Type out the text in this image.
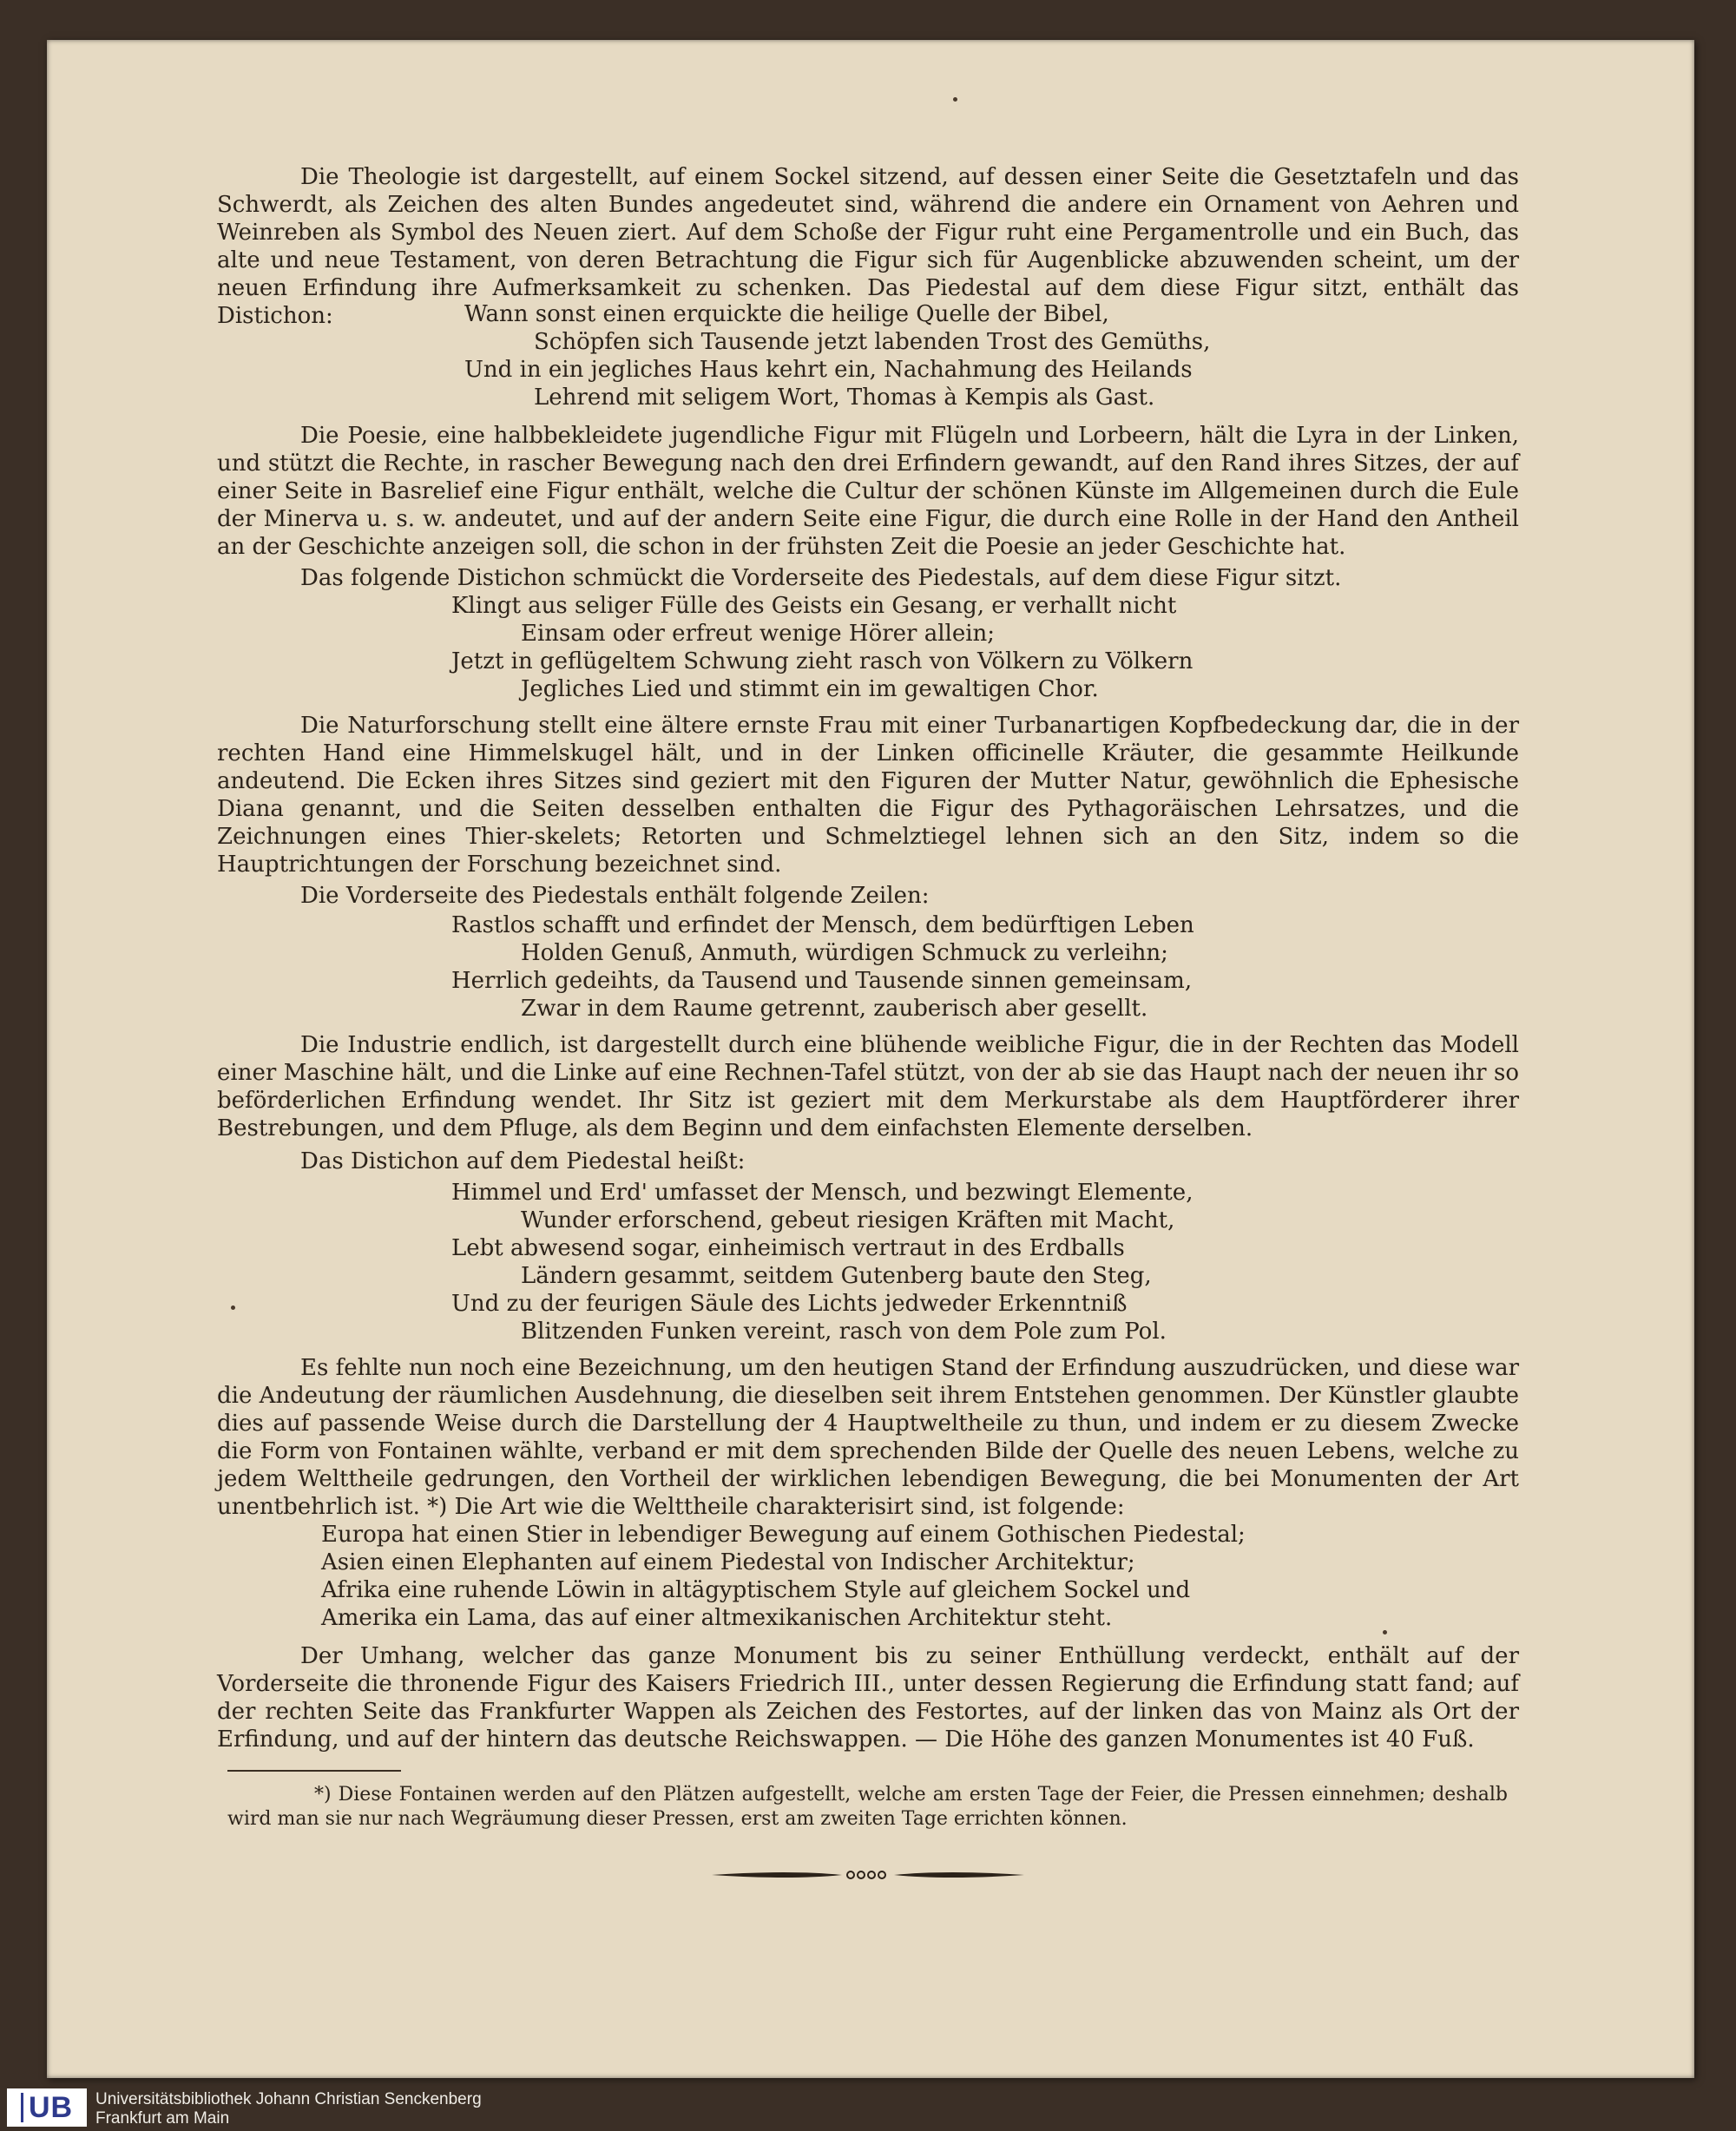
Die Theologie ist dargestellt, auf einem Sockel sitzend, auf dessen einer Seite die Gesetztafeln und das Schwerdt, als Zeichen des alten Bundes angedeutet sind, während die andere ein Ornament von Aehren und Weinreben als Symbol des Neuen ziert. Auf dem Schoße der Figur ruht eine Pergamentrolle und ein Buch, das alte und neue Testament, von deren Betrachtung die Figur sich für Augenblicke abzuwenden scheint, um der neuen Erfindung ihre Aufmerksamkeit zu schenken. Das Piedestal auf dem diese Figur sitzt, enthält das Distichon:	Wann sonst einen erquickte die heilige Quelle der Bibel,
Schöpfen sich Tausende jetzt labenden Trost des Gemüths,
Und in ein jegliches Haus kehrt ein, Nachahmung des Heilands
Lehrend mit seligem Wort, Thomas à Kempis als Gast.

Die Poesie, eine halbbekleidete jugendliche Figur mit Flügeln und Lorbeern, hält die Lyra in der Linken, und stützt die Rechte, in rascher Bewegung nach den drei Erfindern gewandt, auf den Rand ihres Sitzes, der auf einer Seite in Basrelief eine Figur enthält, welche die Cultur der schönen Künste im Allgemeinen durch die Eule der Minerva u. s. w. andeutet, und auf der andern Seite eine Figur, die durch eine Rolle in der Hand den Antheil an der Geschichte anzeigen soll, die schon in der frühsten Zeit die Poesie an jeder Geschichte hat.

Das folgende Distichon schmückt die Vorderseite des Piedestals, auf dem diese Figur sitzt.
Klingt aus seliger Fülle des Geists ein Gesang, er verhallt nicht
Einsam oder erfreut wenige Hörer allein;
Jetzt in geflügeltem Schwung zieht rasch von Völkern zu Völkern
Jegliches Lied und stimmt ein im gewaltigen Chor.

Die Naturforschung stellt eine ältere ernste Frau mit einer Turbanartigen Kopfbedeckung dar, die in der rechten Hand eine Himmelskugel hält, und in der Linken officinelle Kräuter, die gesammte Heilkunde andeutend. Die Ecken ihres Sitzes sind geziert mit den Figuren der Mutter Natur, gewöhnlich die Ephesische Diana genannt, und die Seiten desselben enthalten die Figur des Pythagoräischen Lehrsatzes, und die Zeichnungen eines Thier-skelets; Retorten und Schmelztiegel lehnen sich an den Sitz, indem so die Hauptrichtungen der Forschung bezeichnet sind.

Die Vorderseite des Piedestals enthält folgende Zeilen:
Rastlos schafft und erfindet der Mensch, dem bedürftigen Leben
Holden Genuß, Anmuth, würdigen Schmuck zu verleihn;
Herrlich gedeihts, da Tausend und Tausende sinnen gemeinsam,
Zwar in dem Raume getrennt, zauberisch aber gesellt.

Die Industrie endlich, ist dargestellt durch eine blühende weibliche Figur, die in der Rechten das Modell einer Maschine hält, und die Linke auf eine Rechnen-Tafel stützt, von der ab sie das Haupt nach der neuen ihr so beförderlichen Erfindung wendet. Ihr Sitz ist geziert mit dem Merkurstabe als dem Hauptförderer ihrer Bestrebungen, und dem Pfluge, als dem Beginn und dem einfachsten Elemente derselben.

Das Distichon auf dem Piedestal heißt:
Himmel und Erd' umfasset der Mensch, und bezwingt Elemente,
Wunder erforschend, gebeut riesigen Kräften mit Macht,
Lebt abwesend sogar, einheimisch vertraut in des Erdballs
Ländern gesammt, seitdem Gutenberg baute den Steg,
Und zu der feurigen Säule des Lichts jedweder Erkenntniß
Blitzenden Funken vereint, rasch von dem Pole zum Pol.

Es fehlte nun noch eine Bezeichnung, um den heutigen Stand der Erfindung auszudrücken, und diese war die Andeutung der räumlichen Ausdehnung, die dieselben seit ihrem Entstehen genommen. Der Künstler glaubte dies auf passende Weise durch die Darstellung der 4 Hauptweltheile zu thun, und indem er zu diesem Zwecke die Form von Fontainen wählte, verband er mit dem sprechenden Bilde der Quelle des neuen Lebens, welche zu jedem Welttheile gedrungen, den Vortheil der wirklichen lebendigen Bewegung, die bei Monumenten der Art unentbehrlich ist. *) Die Art wie die Welttheile charakterisirt sind, ist folgende:

Europa hat einen Stier in lebendiger Bewegung auf einem Gothischen Piedestal;
Asien einen Elephanten auf einem Piedestal von Indischer Architektur;
Afrika eine ruhende Löwin in altägyptischem Style auf gleichem Sockel und
Amerika ein Lama, das auf einer altmexikanischen Architektur steht.

Der Umhang, welcher das ganze Monument bis zu seiner Enthüllung verdeckt, enthält auf der Vorderseite die thronende Figur des Kaisers Friedrich III., unter dessen Regierung die Erfindung statt fand; auf der rechten Seite das Frankfurter Wappen als Zeichen des Festortes, auf der linken das von Mainz als Ort der Erfindung, und auf der hintern das deutsche Reichswappen. — Die Höhe des ganzen Monumentes ist 40 Fuß.

*) Diese Fontainen werden auf den Plätzen aufgestellt, welche am ersten Tage der Feier, die Pressen einnehmen; deshalb wird man sie nur nach Wegräumung dieser Pressen, erst am zweiten Tage errichten können.

UB Universitätsbibliothek Johann Christian Senckenberg
Frankfurt am Main
